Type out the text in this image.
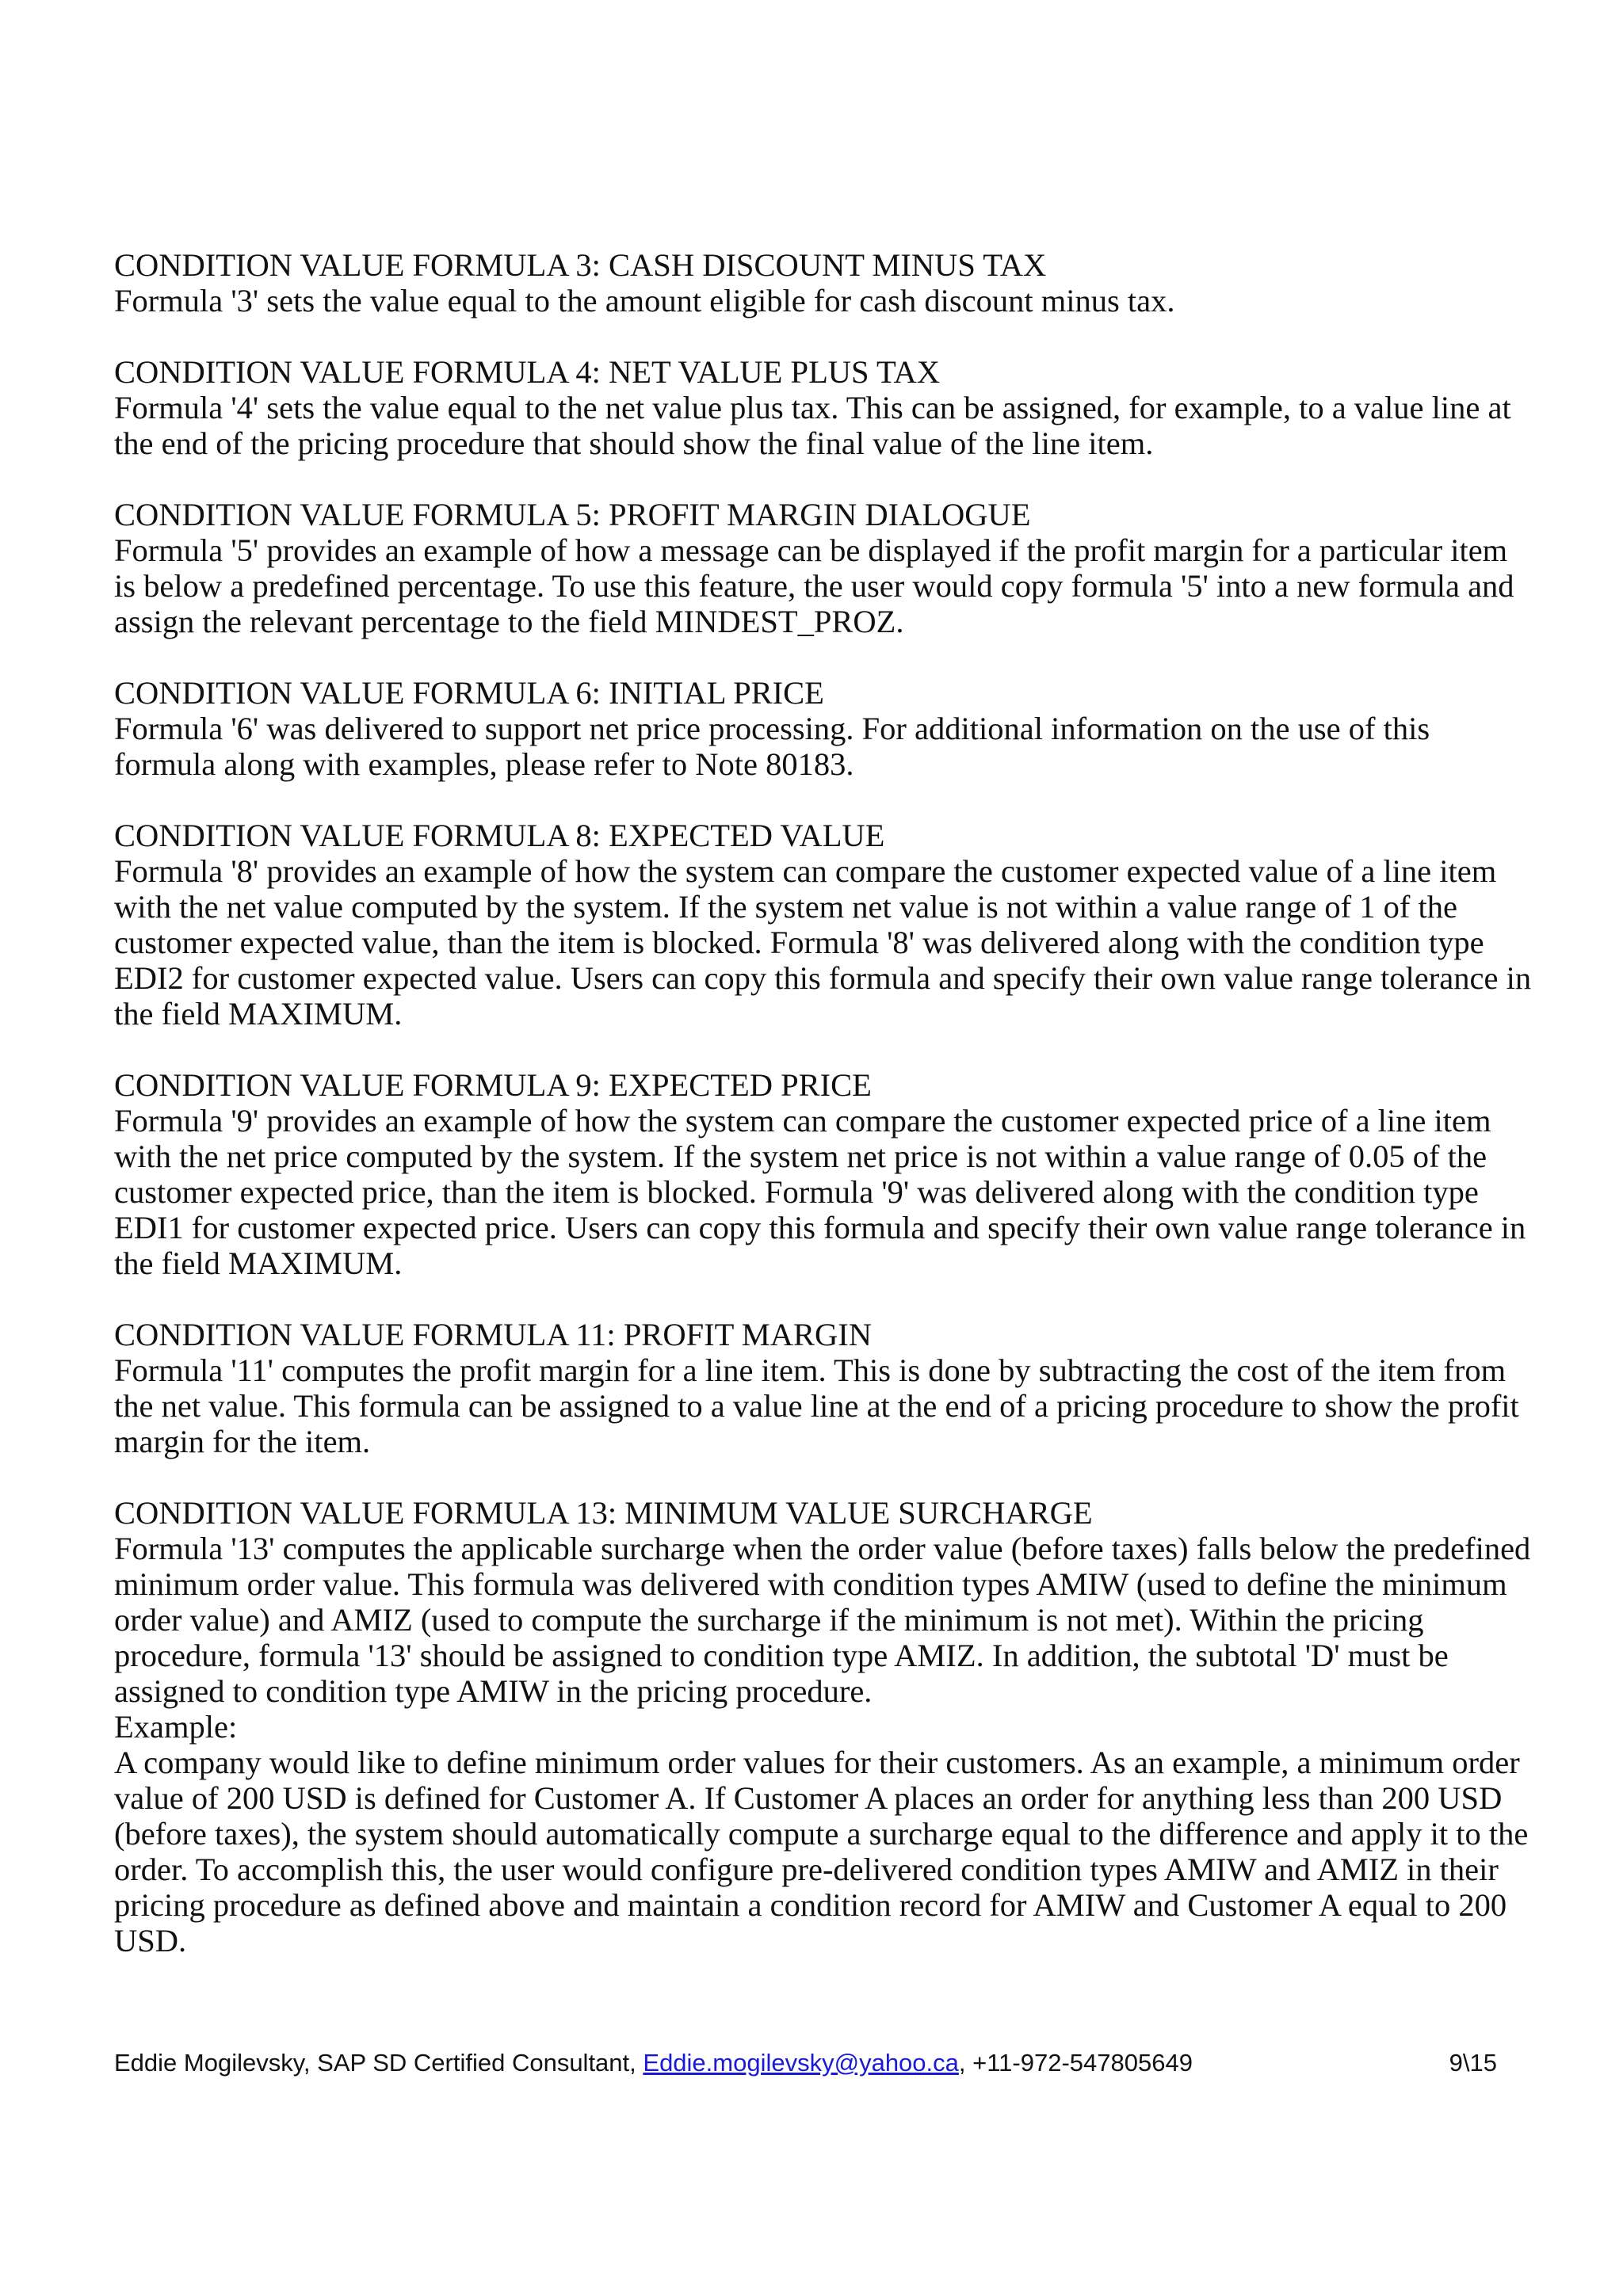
CONDITION VALUE FORMULA 3: CASH DISCOUNT MINUS TAX

Formula '3' sets the value equal to the amount eligible for cash discount minus tax.

CONDITION VALUE FORMULA 4: NET VALUE PLUS TAX

Formula '4' sets the value equal to the net value plus tax. This can be assigned, for example, to a value line at
the end of the pricing procedure that should show the final value of the line item.

CONDITION VALUE FORMULA 5: PROFIT MARGIN DIALOGUE

Formula '5' provides an example of how a message can be displayed if the profit margin for a particular item
is below a predefined percentage. To use this feature, the user would copy formula '5' into a new formula and
assign the relevant percentage to the field MINDEST_PROZ.

CONDITION VALUE FORMULA 6: INITIAL PRICE

Formula '6' was delivered to support net price processing. For additional information on the use of this
formula along with examples, please refer to Note 80183.

CONDITION VALUE FORMULA 8: EXPECTED VALUE

Formula '8' provides an example of how the system can compare the customer expected value of a line item
with the net value computed by the system. If the system net value is not within a value range of 1 of the
customer expected value, than the item is blocked. Formula '8' was delivered along with the condition type
EDI2 for customer expected value. Users can copy this formula and specify their own value range tolerance in
the field MAXIMUM.

CONDITION VALUE FORMULA 9: EXPECTED PRICE

Formula '9' provides an example of how the system can compare the customer expected price of a line item
with the net price computed by the system. If the system net price is not within a value range of 0.05 of the
customer expected price, than the item is blocked. Formula '9' was delivered along with the condition type
EDI1 for customer expected price. Users can copy this formula and specify their own value range tolerance in
the field MAXIMUM.

CONDITION VALUE FORMULA 11: PROFIT MARGIN

Formula '11' computes the profit margin for a line item. This is done by subtracting the cost of the item from
the net value. This formula can be assigned to a value line at the end of a pricing procedure to show the profit
margin for the item.

CONDITION VALUE FORMULA 13: MINIMUM VALUE SURCHARGE

Formula '13' computes the applicable surcharge when the order value (before taxes) falls below the predefined
minimum order value. This formula was delivered with condition types AMIW (used to define the minimum
order value) and AMIZ (used to compute the surcharge if the minimum is not met). Within the pricing
procedure, formula '13' should be assigned to condition type AMIZ. In addition, the subtotal 'D' must be
assigned to condition type AMIW in the pricing procedure.

Example:

A company would like to define minimum order values for their customers. As an example, a minimum order
value of 200 USD is defined for Customer A. If Customer A places an order for anything less than 200 USD
(before taxes), the system should automatically compute a surcharge equal to the difference and apply it to the
order. To accomplish this, the user would configure pre-delivered condition types AMIW and AMIZ in their
pricing procedure as defined above and maintain a condition record for AMIW and Customer A equal to 200
USD.

Eddie Mogilevsky, SAP SD Certified Consultant, Eddie.mogilevsky@yahoo.ca, +11-972-547805649	9\15
